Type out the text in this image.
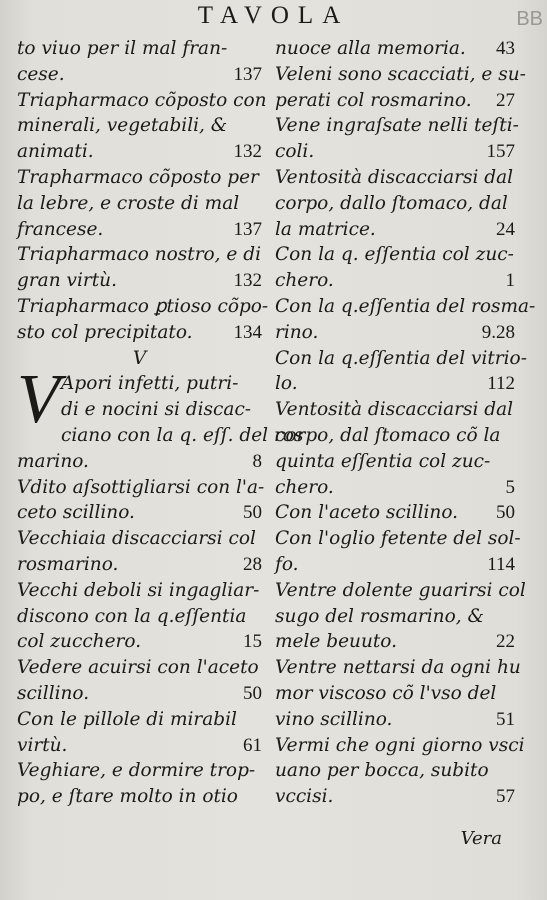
TAVOLA	BB
to viuo per il mal fran-
cese.	137
Triapharmaco cõposto con
minerali, vegetabili, &
animati.	132
Trapharmaco cõposto per
la lebre, e croste di mal
francese.	137
Triapharmaco nostro, e di
gran virtù.	132
Triapharmaco ꝑtioso cõpo-
sto col precipitato. 134
V
V Apori infetti, putri-
di e nocini si discac-
ciano con la q. eſſ. del ros
marino.	8
Vdito aſsottigliarsi con l'a-
ceto scillino.	50
Vecchiaia discacciarsi col
rosmarino.	28
Vecchi deboli si ingagliar-
discono con la q.eſſentia
col zucchero.	15
Vedere acuirsi con l'aceto
scillino.	50
Con le pillole di mirabil
virtù.	61
Veghiare, e dormire trop-
po, e ſtare molto in otio
nuoce alla memoria. 43
Veleni sono scacciati, e su-
perati col rosmarino. 27
Vene ingraſsate nelli teſti-
coli.	157
Ventosità discacciarsi dal
corpo, dallo ſtomaco, dal
la matrice.	24
Con la q. eſſentia col zuc-
chero.	1
Con la q.eſſentia del rosma-
rino.	9.28
Con la q.eſſentia del vitrio-
lo.	112
Ventosità discacciarsi dal
corpo, dal ſtomaco cõ la
quinta eſſentia col zuc-
chero.	5
Con l'aceto scillino. 50
Con l'oglio fetente del sol-
fo.	114
Ventre dolente guarirsi col
sugo del rosmarino, &
mele beuuto.	22
Ventre nettarsi da ogni hu
mor viscoso cõ l'vso del
vino scillino.	51
Vermi che ogni giorno vsci
uano per bocca, subito
vccisi.	57
Vera
